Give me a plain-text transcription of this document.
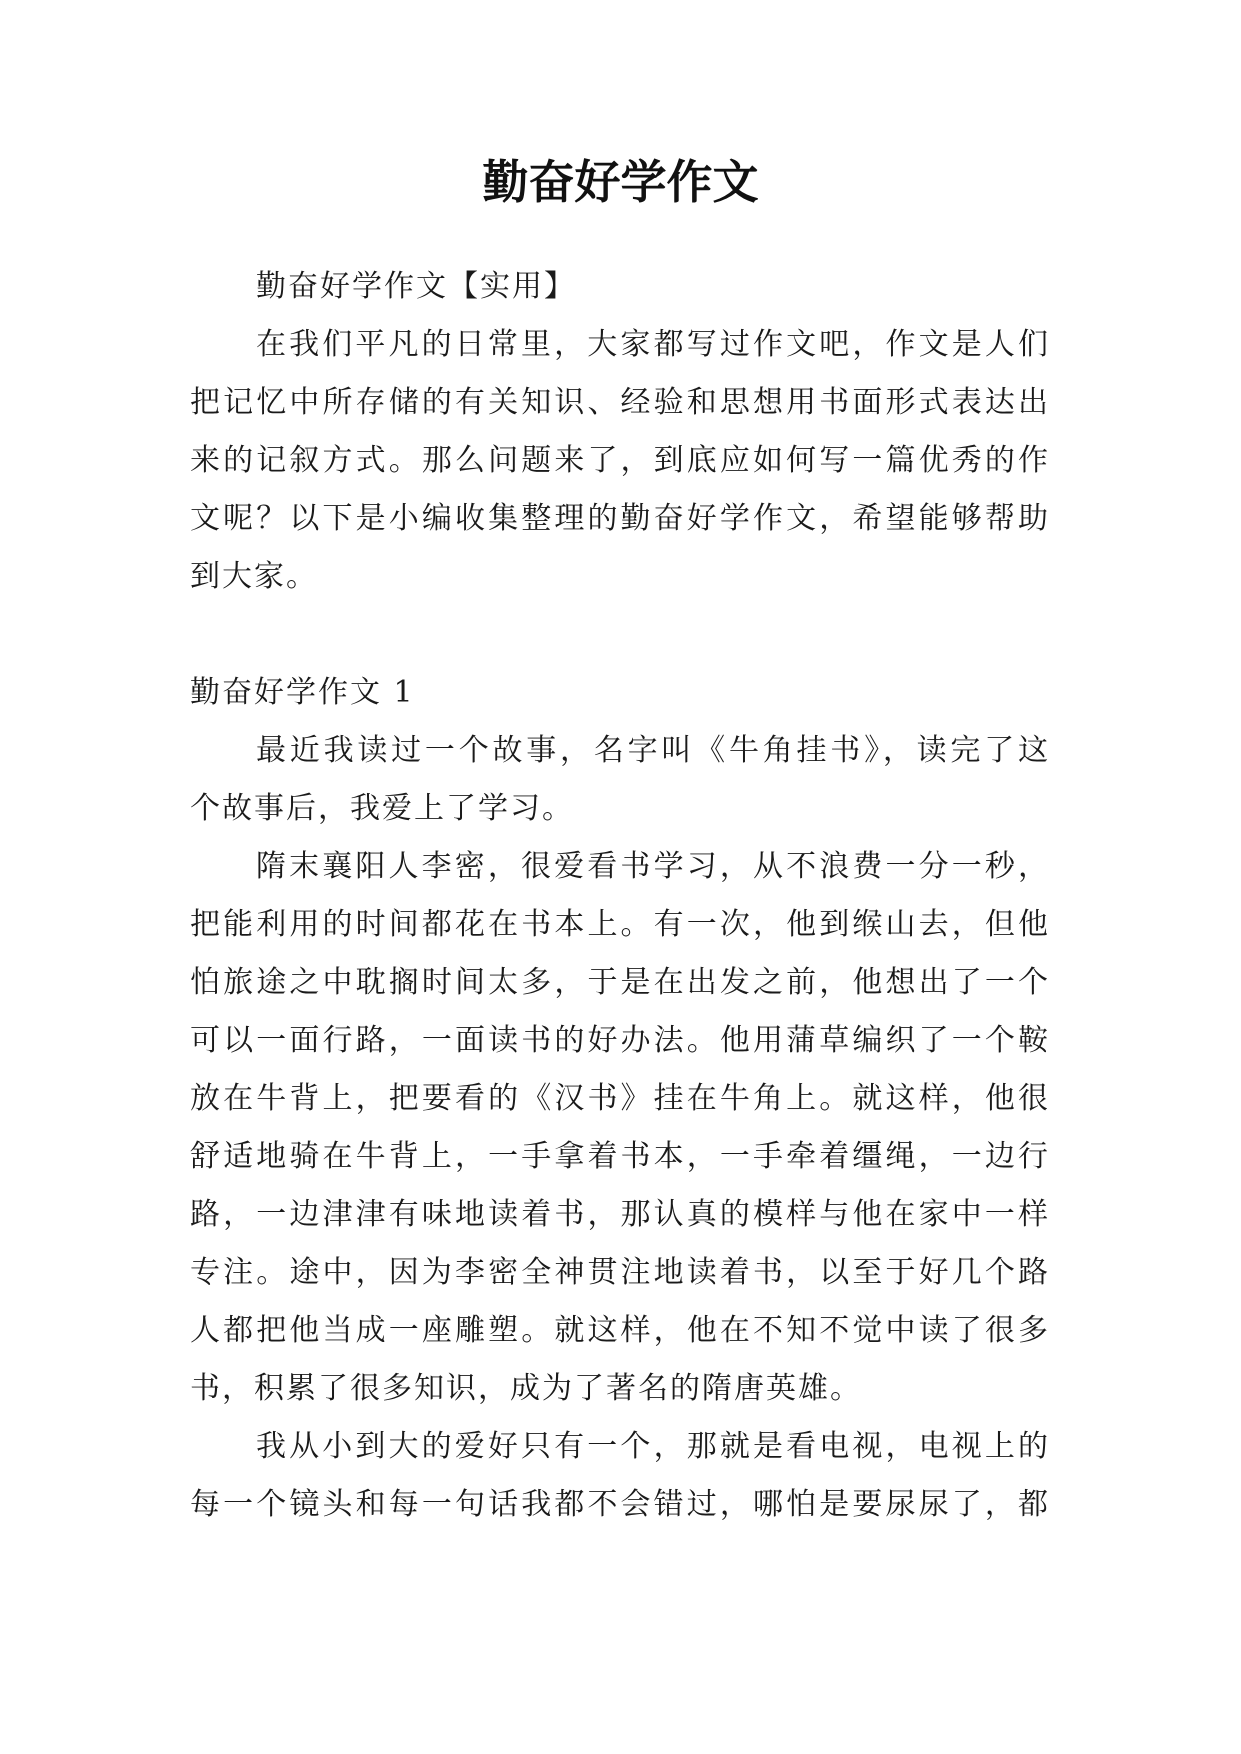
勤奋好学作文
勤奋好学作文【实用】
在我们平凡的日常里，大家都写过作文吧，作文是人们
把记忆中所存储的有关知识、经验和思想用书面形式表达出
来的记叙方式。那么问题来了，到底应如何写一篇优秀的作
文呢？以下是小编收集整理的勤奋好学作文，希望能够帮助
到大家。
勤奋好学作文 1
最近我读过一个故事，名字叫《牛角挂书》，读完了这
个故事后，我爱上了学习。
隋末襄阳人李密，很爱看书学习，从不浪费一分一秒，
把能利用的时间都花在书本上。有一次，他到缑山去，但他
怕旅途之中耽搁时间太多，于是在出发之前，他想出了一个
可以一面行路，一面读书的好办法。他用蒲草编织了一个鞍
放在牛背上，把要看的《汉书》挂在牛角上。就这样，他很
舒适地骑在牛背上，一手拿着书本，一手牵着缰绳，一边行
路，一边津津有味地读着书，那认真的模样与他在家中一样
专注。途中，因为李密全神贯注地读着书，以至于好几个路
人都把他当成一座雕塑。就这样，他在不知不觉中读了很多
书，积累了很多知识，成为了著名的隋唐英雄。
我从小到大的爱好只有一个，那就是看电视，电视上的
每一个镜头和每一句话我都不会错过，哪怕是要尿尿了，都
